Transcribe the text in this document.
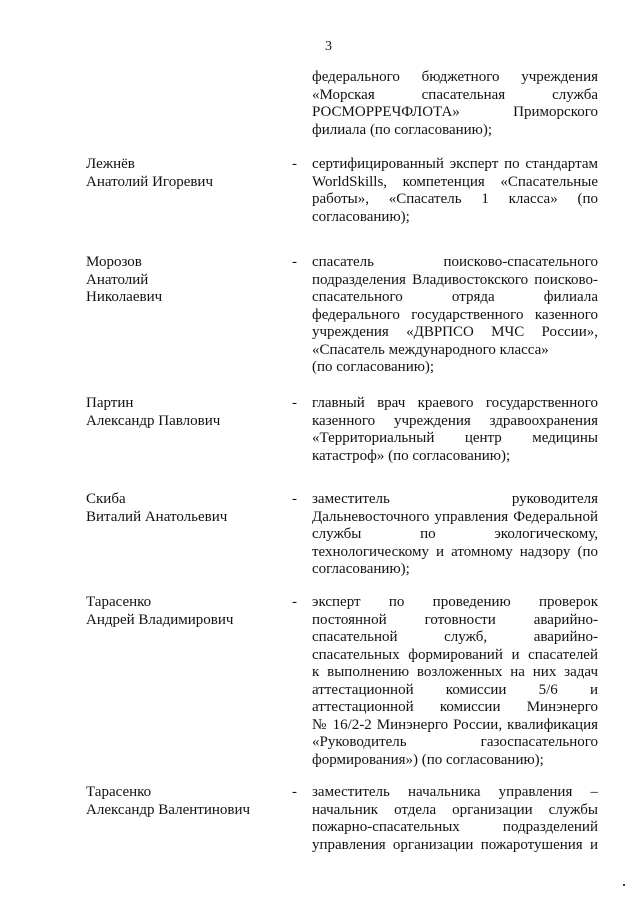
3
федерального бюджетного учреждения
«Морская спасательная служба
РОСМОРРЕЧФЛОТА» Приморского
филиала (по согласованию);
Лежнёв
Анатолий Игоревич
- сертифицированный эксперт по стандартам
WorldSkills, компетенция «Спасательные
работы», «Спасатель 1 класса» (по
согласованию);
Морозов
Анатолий
Николаевич
- спасатель поисково-спасательного
подразделения Владивостокского поисково-
спасательного отряда филиала
федерального государственного казенного
учреждения «ДВРПСО МЧС России»,
«Спасатель международного класса»
(по согласованию);
Партин
Александр Павлович
- главный врач краевого государственного
казенного учреждения здравоохранения
«Территориальный центр медицины
катастроф» (по согласованию);
Скиба
Виталий Анатольевич
- заместитель руководителя
Дальневосточного управления Федеральной
службы по экологическому,
технологическому и атомному надзору (по
согласованию);
Тарасенко
Андрей Владимирович
- эксперт по проведению проверок
постоянной готовности аварийно-
спасательной служб, аварийно-
спасательных формирований и спасателей
к выполнению возложенных на них задач
аттестационной комиссии 5/6 и
аттестационной комиссии Минэнерго
№ 16/2-2 Минэнерго России, квалификация
«Руководитель газоспасательного
формирования») (по согласованию);
Тарасенко
Александр Валентинович
- заместитель начальника управления –
начальник отдела организации службы
пожарно-спасательных подразделений
управления организации пожаротушения и
